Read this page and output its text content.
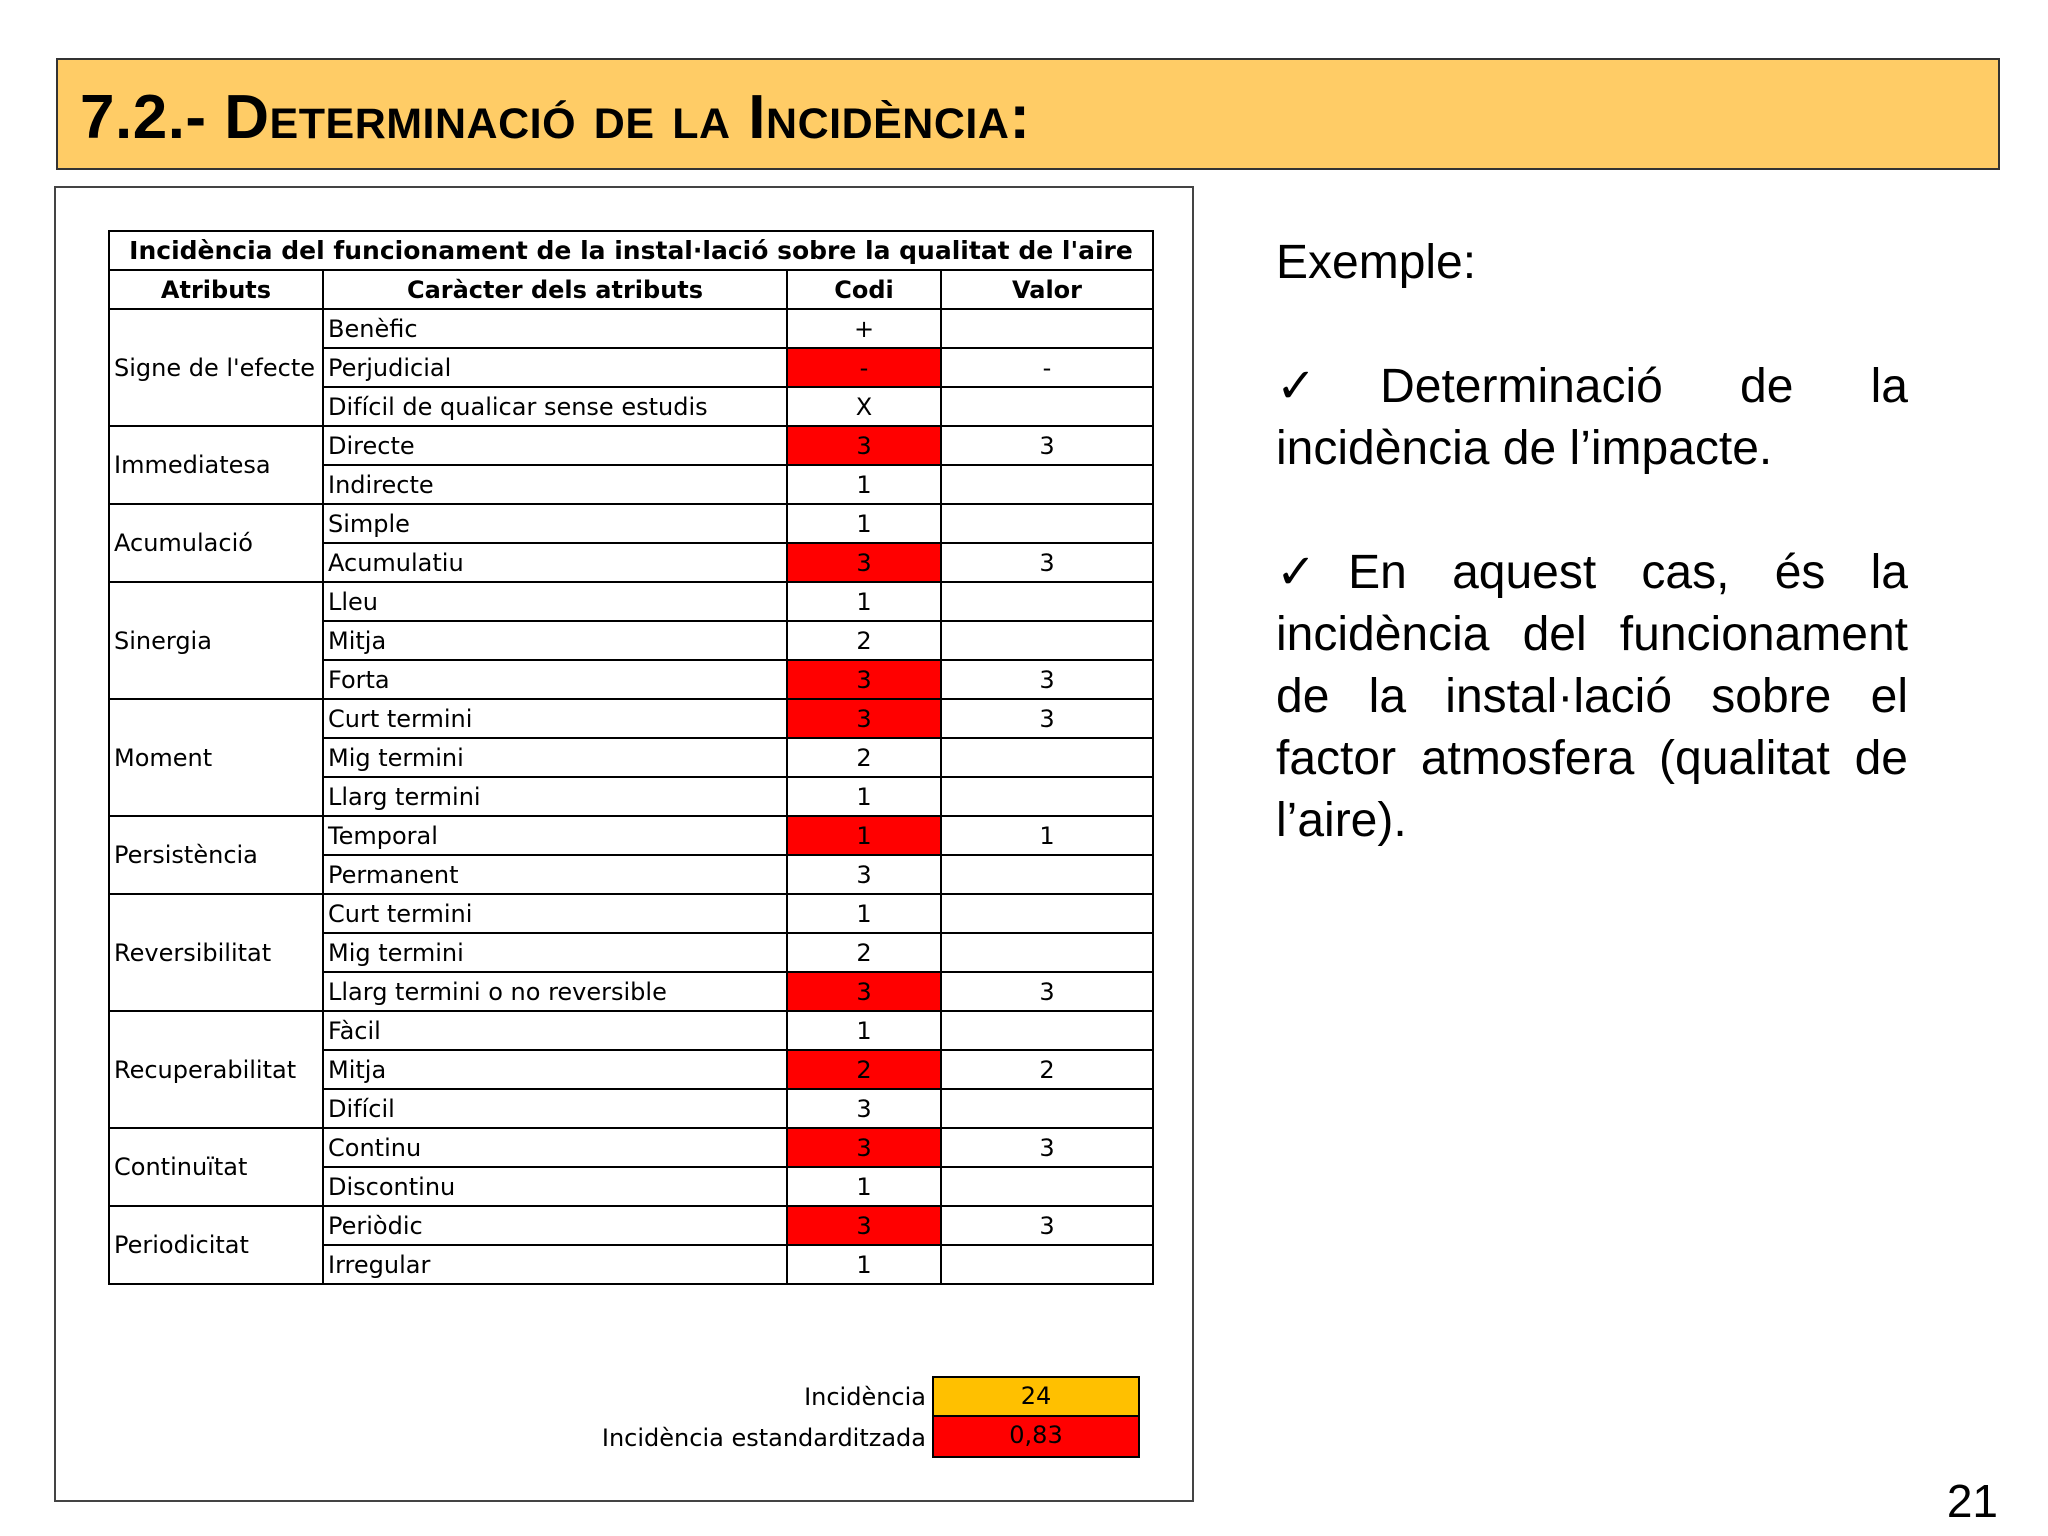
7.2.- Determinació de la Incidència:
Incidència del funcionament de la instal·lació sobre la qualitat de l'aire			
Atributs	Caràcter dels atributs	Codi	Valor
Signe de l'efecte	Benèfic	+	
	Perjudicial	-	-
	Difícil de qualicar sense estudis	X	
Immediatesa	Directe	3	3
	Indirecte	1	
Acumulació	Simple	1	
	Acumulatiu	3	3
Sinergia	Lleu	1	
	Mitja	2	
	Forta	3	3
Moment	Curt termini	3	3
	Mig termini	2	
	Llarg termini	1	
Persistència	Temporal	1	1
	Permanent	3	
Reversibilitat	Curt termini	1	
	Mig termini	2	
	Llarg termini o no reversible	3	3
Recuperabilitat	Fàcil	1	
	Mitja	2	2
	Difícil	3	
Continuïtat	Continu	3	3
	Discontinu	1	
Periodicitat	Periòdic	3	3
	Irregular	1	
Incidència	24
Incidència estandarditzada	0,83

Exemple:

✓Determinació de la incidència de l’impacte.

✓En aquest cas, és la incidència del funcionament de la instal·lació sobre el factor atmosfera (qualitat de l’aire).

21
